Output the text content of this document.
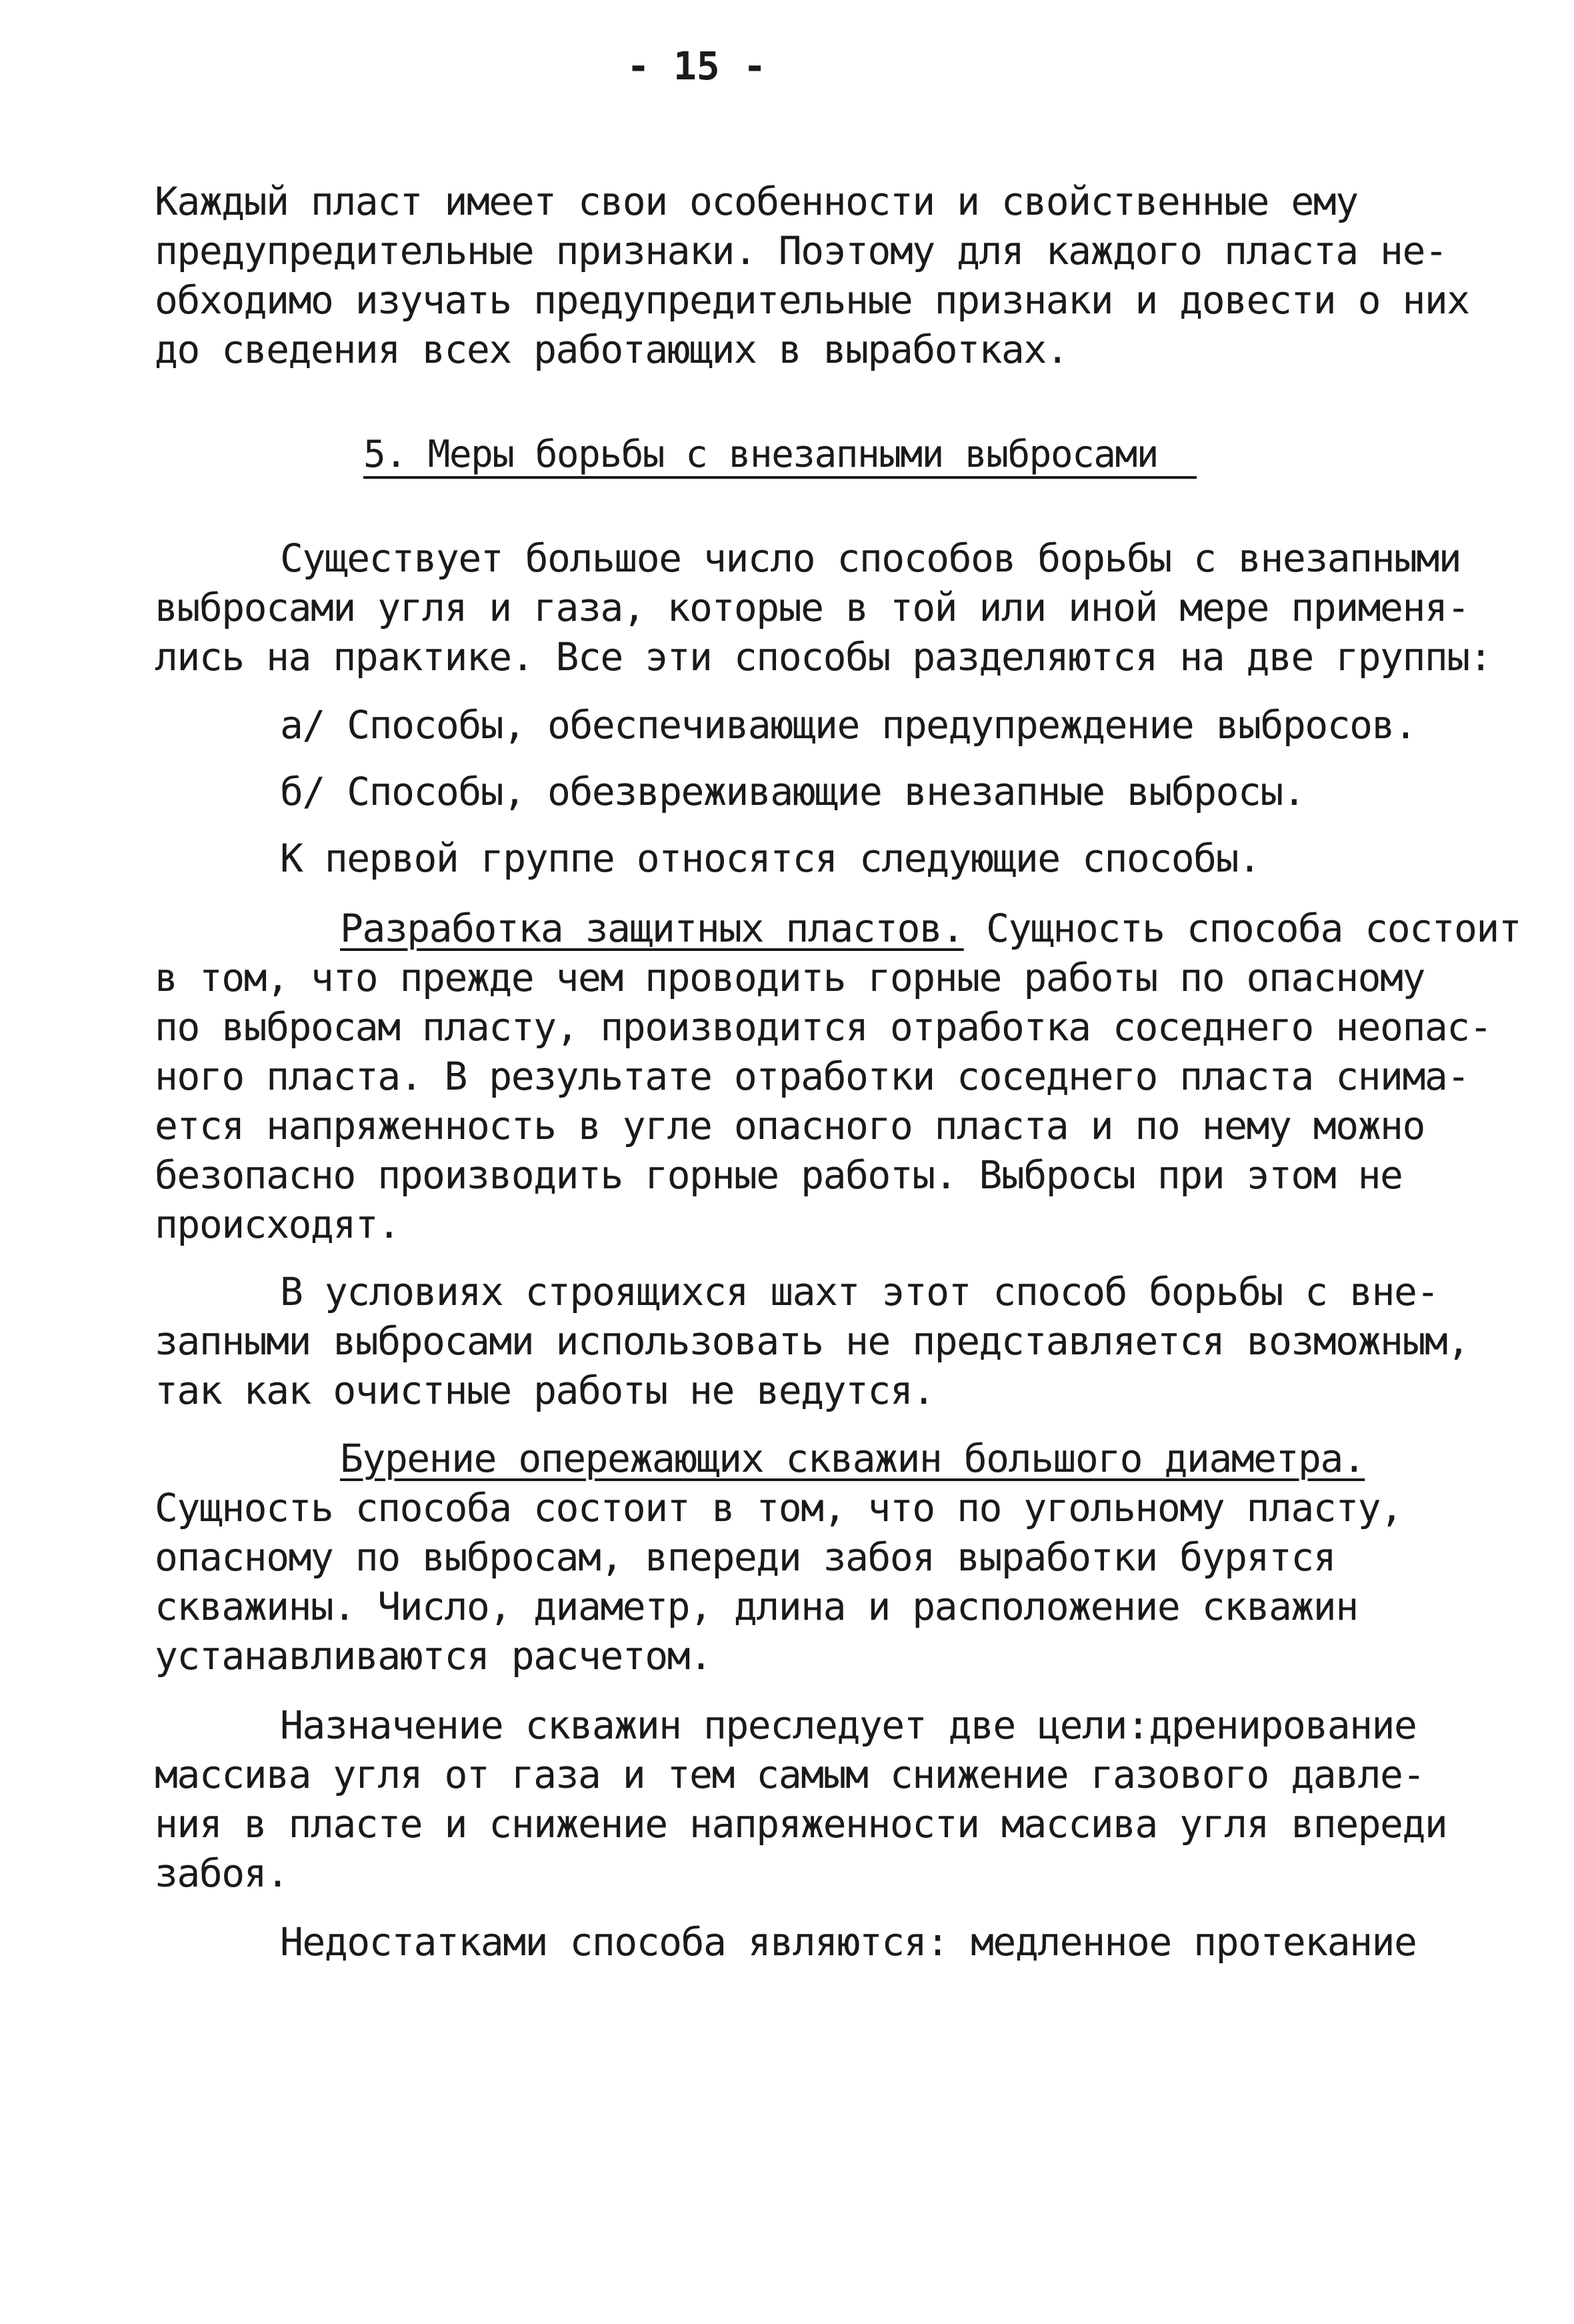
- 15 -
Каждый пласт имеет свои особенности и свойственные ему
предупредительные признаки. Поэтому для каждого пласта не-
обходимо изучать предупредительные признаки и довести о них
до сведения всех работающих в выработках.
5. Меры борьбы с внезапными выбросами
Существует большое число способов борьбы с внезапными
выбросами угля и газа, которые в той или иной мере применя-
лись на практике. Все эти способы разделяются на две группы:
а/ Способы, обеспечивающие предупреждение выбросов.
б/ Способы, обезвреживающие внезапные выбросы.
К первой группе относятся следующие способы.
Разработка защитных пластов. Сущность способа состоит
в том, что прежде чем проводить горные работы по опасному
по выбросам пласту, производится отработка соседнего неопас-
ного пласта. В результате отработки соседнего пласта снима-
ется напряженность в угле опасного пласта и по нему можно
безопасно производить горные работы. Выбросы при этом не
происходят.
В условиях строящихся шахт этот способ борьбы с вне-
запными выбросами использовать не представляется возможным,
так как очистные работы не ведутся.
Бурение опережающих скважин большого диаметра.
Сущность способа состоит в том, что по угольному пласту,
опасному по выбросам, впереди забоя выработки бурятся
скважины. Число, диаметр, длина и расположение скважин
устанавливаются расчетом.
Назначение скважин преследует две цели:дренирование
массива угля от газа и тем самым снижение газового давле-
ния в пласте и снижение напряженности массива угля впереди
забоя.
Недостатками способа являются: медленное протекание
